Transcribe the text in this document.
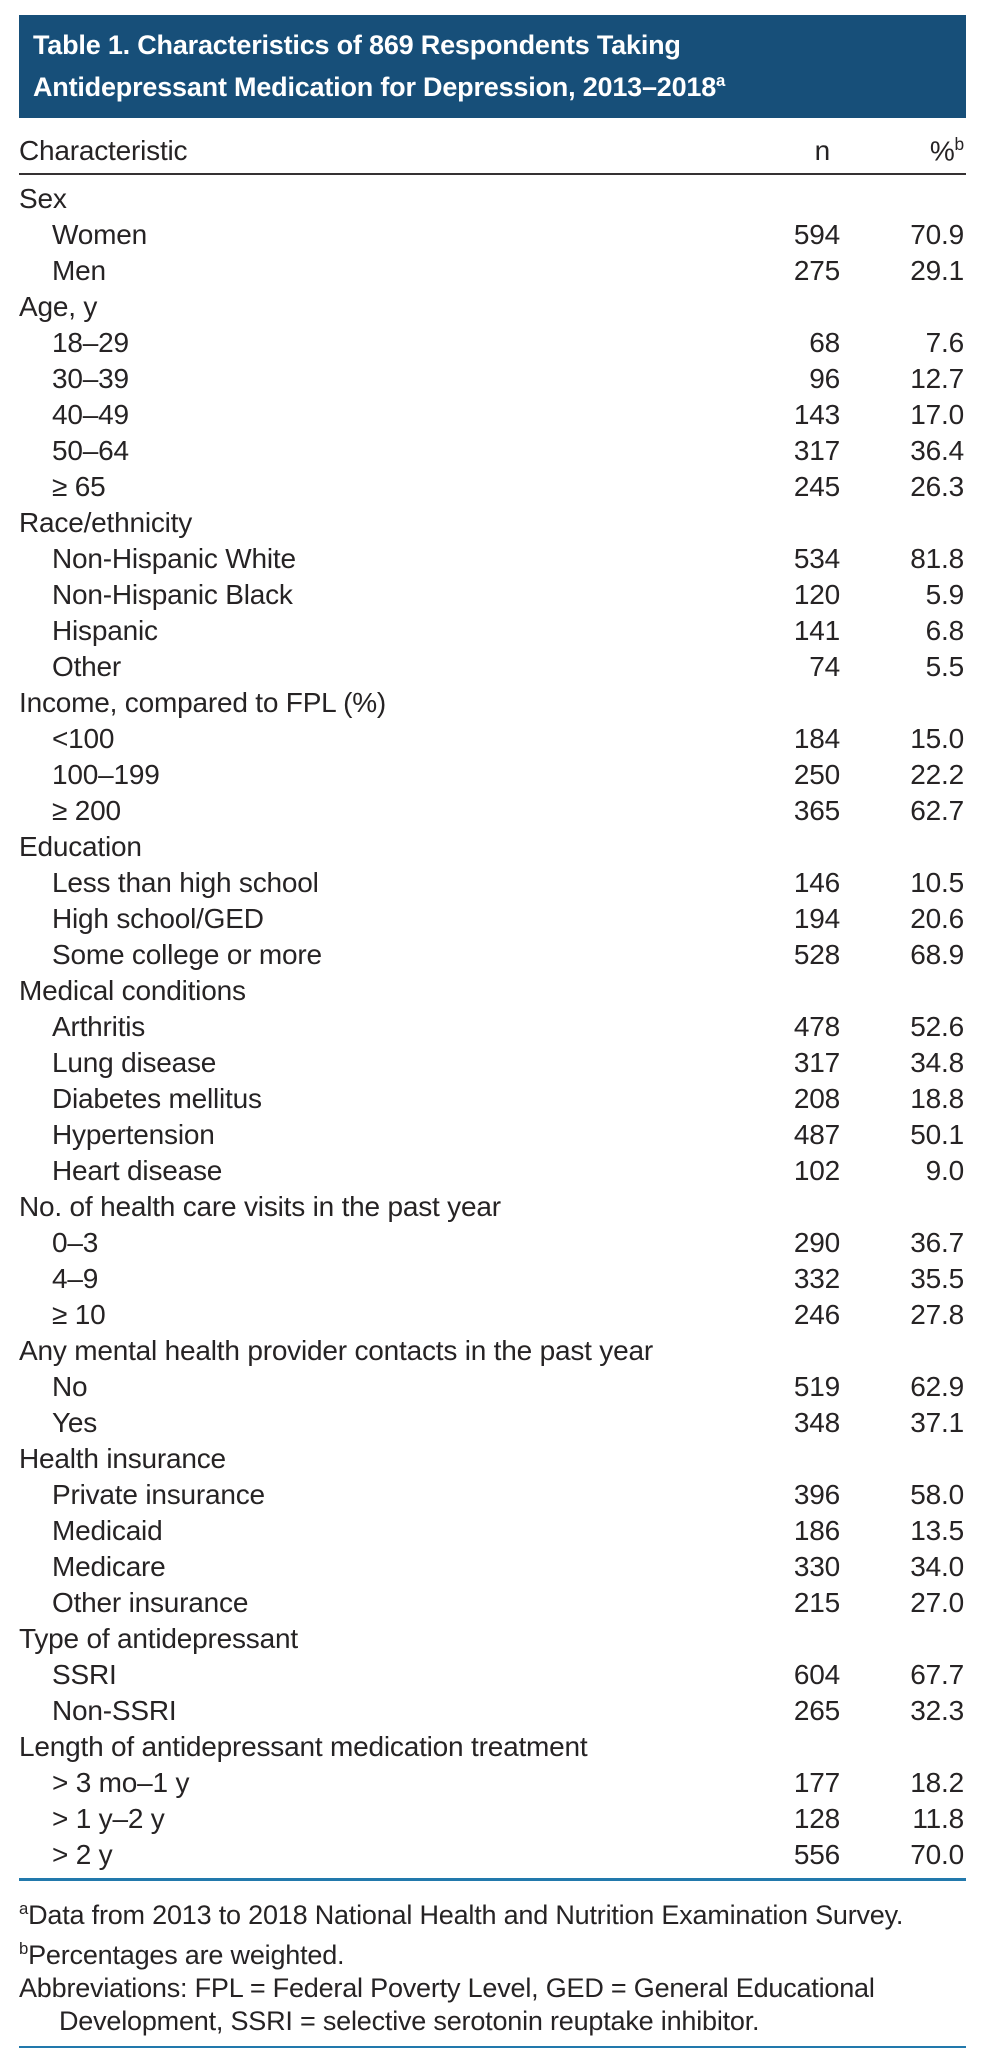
Table 1. Characteristics of 869 Respondents Taking
Antidepressant Medication for Depression, 2013–2018$^a$
Characteristic	n	%$^b$
Sex
Women	594	70.9
Men	275	29.1
Age, y
18–29	68	7.6
30–39	96	12.7
40–49	143	17.0
50–64	317	36.4
≥ 65	245	26.3
Race/ethnicity
Non-Hispanic White	534	81.8
Non-Hispanic Black	120	5.9
Hispanic	141	6.8
Other	74	5.5
Income, compared to FPL (%)
<100	184	15.0
100–199	250	22.2
≥ 200	365	62.7
Education
Less than high school	146	10.5
High school/GED	194	20.6
Some college or more	528	68.9
Medical conditions
Arthritis	478	52.6
Lung disease	317	34.8
Diabetes mellitus	208	18.8
Hypertension	487	50.1
Heart disease	102	9.0
No. of health care visits in the past year
0–3	290	36.7
4–9	332	35.5
≥ 10	246	27.8
Any mental health provider contacts in the past year
No	519	62.9
Yes	348	37.1
Health insurance
Private insurance	396	58.0
Medicaid	186	13.5
Medicare	330	34.0
Other insurance	215	27.0
Type of antidepressant
SSRI	604	67.7
Non-SSRI	265	32.3
Length of antidepressant medication treatment
> 3 mo–1 y	177	18.2
> 1 y–2 y	128	11.8
> 2 y	556	70.0
$^a$Data from 2013 to 2018 National Health and Nutrition Examination Survey.
$^b$Percentages are weighted.
Abbreviations: FPL = Federal Poverty Level, GED = General Educational Development, SSRI = selective serotonin reuptake inhibitor.
